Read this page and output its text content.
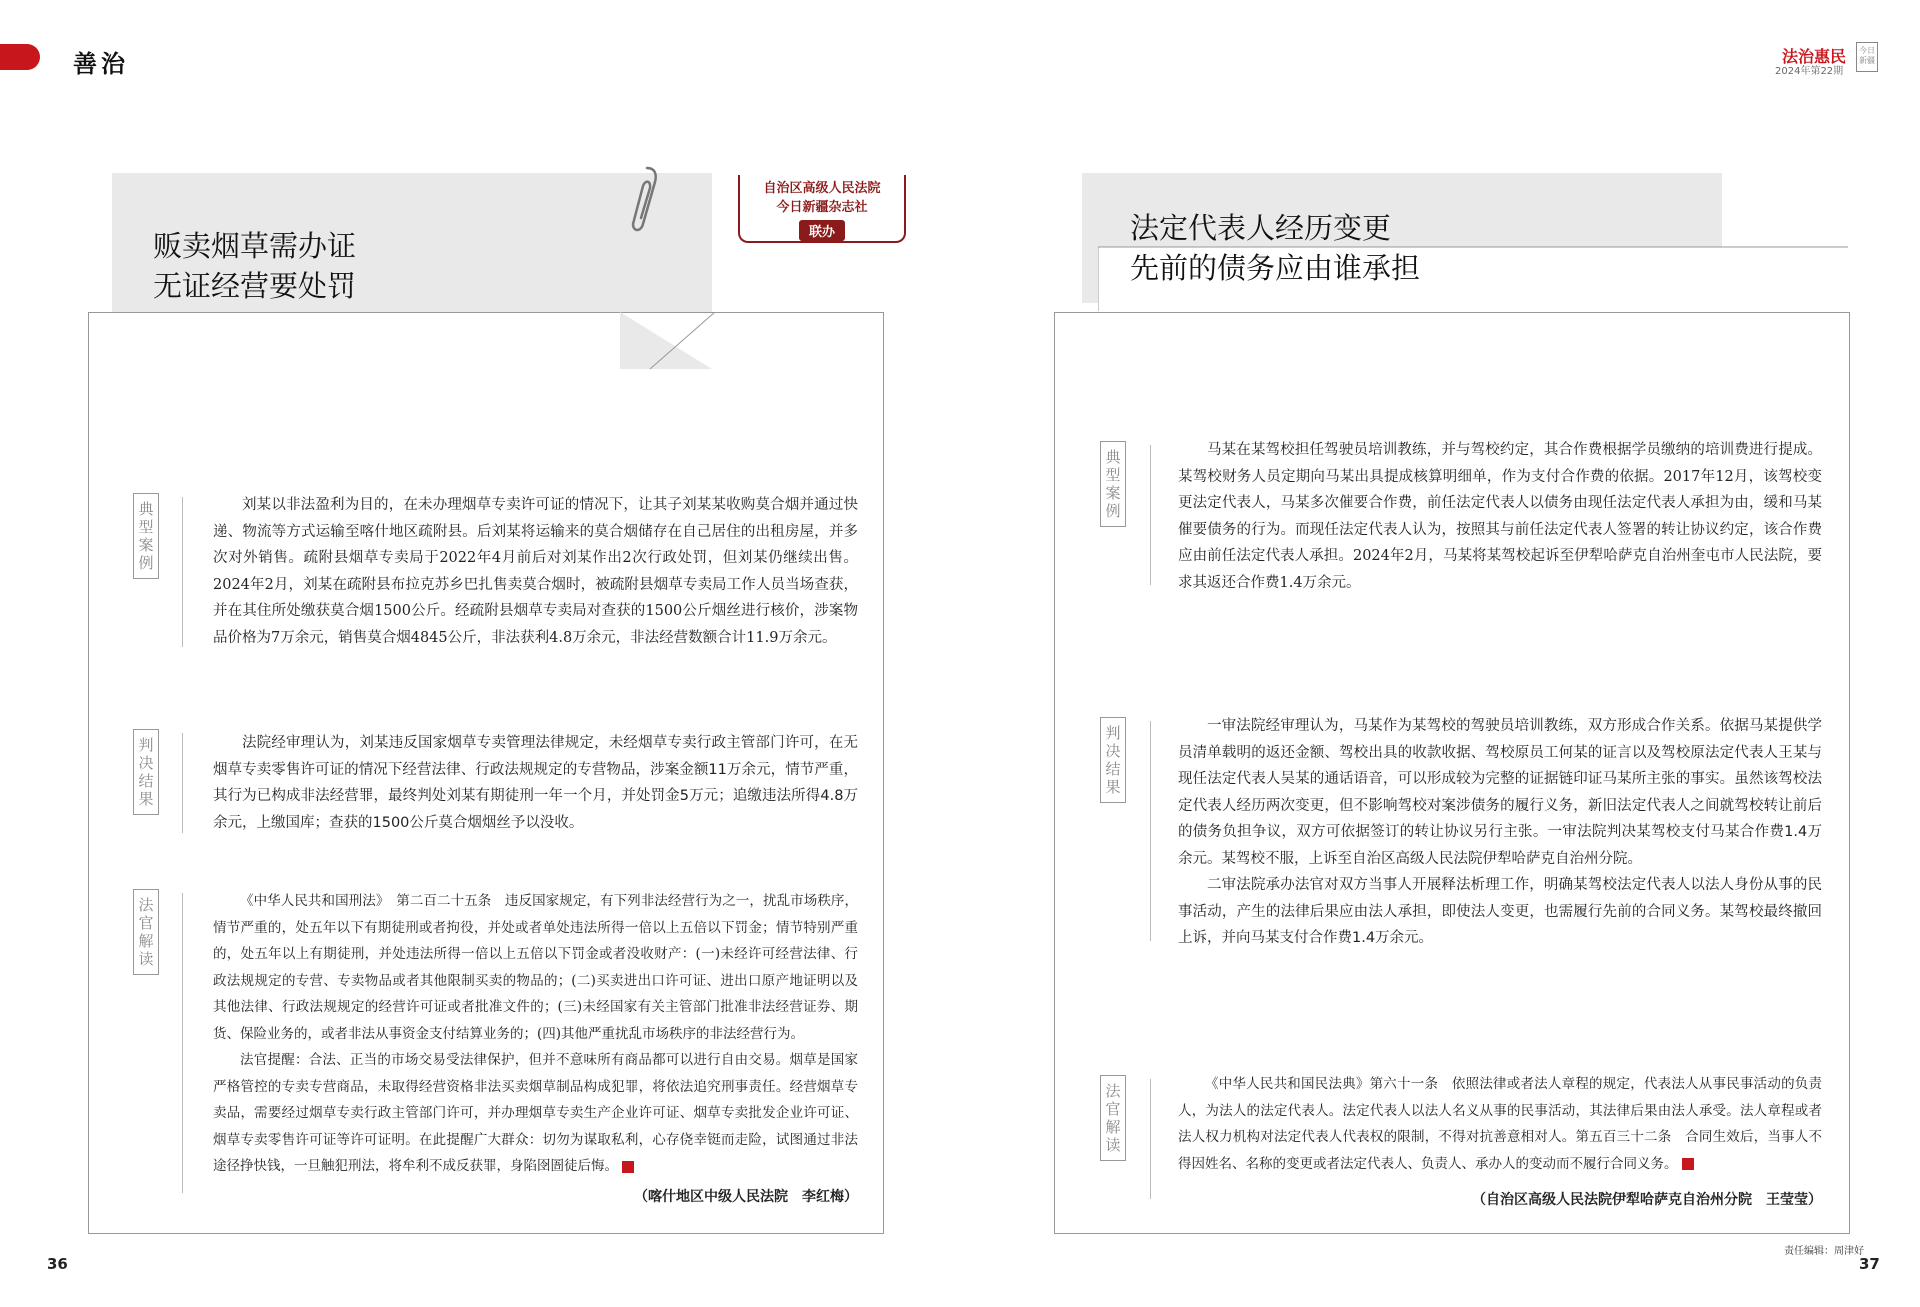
善治	法治惠民
2024年第22期
今日新疆
贩卖烟草需办证
无证经营要处罚
自治区高级人民法院
今日新疆杂志社
联办
典型案例
判决结果
法官解读

刘某以非法盈利为目的，在未办理烟草专卖许可证的情况下，让其子刘某某收购莫合烟并通过快递、物流等方式运输至喀什地区疏附县。后刘某将运输来的莫合烟储存在自己居住的出租房屋，并多次对外销售。疏附县烟草专卖局于2022年4月前后对刘某作出2次行政处罚，但刘某仍继续出售。2024年2月，刘某在疏附县布拉克苏乡巴扎售卖莫合烟时，被疏附县烟草专卖局工作人员当场查获，并在其住所处缴获莫合烟1500公斤。经疏附县烟草专卖局对查获的1500公斤烟丝进行核价，涉案物品价格为7万余元，销售莫合烟4845公斤，非法获利4.8万余元，非法经营数额合计11.9万余元。

法院经审理认为，刘某违反国家烟草专卖管理法律规定，未经烟草专卖行政主管部门许可，在无烟草专卖零售许可证的情况下经营法律、行政法规规定的专营物品，涉案金额11万余元，情节严重，其行为已构成非法经营罪，最终判处刘某有期徒刑一年一个月，并处罚金5万元；追缴违法所得4.8万余元，上缴国库；查获的1500公斤莫合烟烟丝予以没收。

《中华人民共和国刑法》　第二百二十五条　违反国家规定，有下列非法经营行为之一，扰乱市场秩序，情节严重的，处五年以下有期徒刑或者拘役，并处或者单处违法所得一倍以上五倍以下罚金；情节特别严重的，处五年以上有期徒刑，并处违法所得一倍以上五倍以下罚金或者没收财产：(一)未经许可经营法律、行政法规规定的专营、专卖物品或者其他限制买卖的物品的；(二)买卖进出口许可证、进出口原产地证明以及其他法律、行政法规规定的经营许可证或者批准文件的；(三)未经国家有关主管部门批准非法经营证券、期货、保险业务的，或者非法从事资金支付结算业务的；(四)其他严重扰乱市场秩序的非法经营行为。

法官提醒：合法、正当的市场交易受法律保护，但并不意味所有商品都可以进行自由交易。烟草是国家严格管控的专卖专营商品，未取得经营资格非法买卖烟草制品构成犯罪，将依法追究刑事责任。经营烟草专卖品，需要经过烟草专卖行政主管部门许可，并办理烟草专卖生产企业许可证、烟草专卖批发企业许可证、烟草专卖零售许可证等许可证明。在此提醒广大群众：切勿为谋取私利，心存侥幸铤而走险，试图通过非法途径挣快钱，一旦触犯刑法，将牟利不成反获罪，身陷囹圄徒后悔。

（喀什地区中级人民法院　李红梅）
36
法定代表人经历变更
先前的债务应由谁承担
典型案例
判决结果
法官解读

马某在某驾校担任驾驶员培训教练，并与驾校约定，其合作费根据学员缴纳的培训费进行提成。某驾校财务人员定期向马某出具提成核算明细单，作为支付合作费的依据。2017年12月，该驾校变更法定代表人，马某多次催要合作费，前任法定代表人以债务由现任法定代表人承担为由，缓和马某催要债务的行为。而现任法定代表人认为，按照其与前任法定代表人签署的转让协议约定，该合作费应由前任法定代表人承担。2024年2月，马某将某驾校起诉至伊犁哈萨克自治州奎屯市人民法院，要求其返还合作费1.4万余元。

一审法院经审理认为，马某作为某驾校的驾驶员培训教练，双方形成合作关系。依据马某提供学员清单载明的返还金额、驾校出具的收款收据、驾校原员工何某的证言以及驾校原法定代表人王某与现任法定代表人吴某的通话语音，可以形成较为完整的证据链印证马某所主张的事实。虽然该驾校法定代表人经历两次变更，但不影响驾校对案涉债务的履行义务，新旧法定代表人之间就驾校转让前后的债务负担争议，双方可依据签订的转让协议另行主张。一审法院判决某驾校支付马某合作费1.4万余元。某驾校不服，上诉至自治区高级人民法院伊犁哈萨克自治州分院。

二审法院承办法官对双方当事人开展释法析理工作，明确某驾校法定代表人以法人身份从事的民事活动，产生的法律后果应由法人承担，即使法人变更，也需履行先前的合同义务。某驾校最终撤回上诉，并向马某支付合作费1.4万余元。

《中华人民共和国民法典》第六十一条　依照法律或者法人章程的规定，代表法人从事民事活动的负责人，为法人的法定代表人。法定代表人以法人名义从事的民事活动，其法律后果由法人承受。法人章程或者法人权力机构对法定代表人代表权的限制，不得对抗善意相对人。第五百三十二条　合同生效后，当事人不得因姓名、名称的变更或者法定代表人、负责人、承办人的变动而不履行合同义务。

（自治区高级人民法院伊犁哈萨克自治州分院　王莹莹）
责任编辑：周津好
37
